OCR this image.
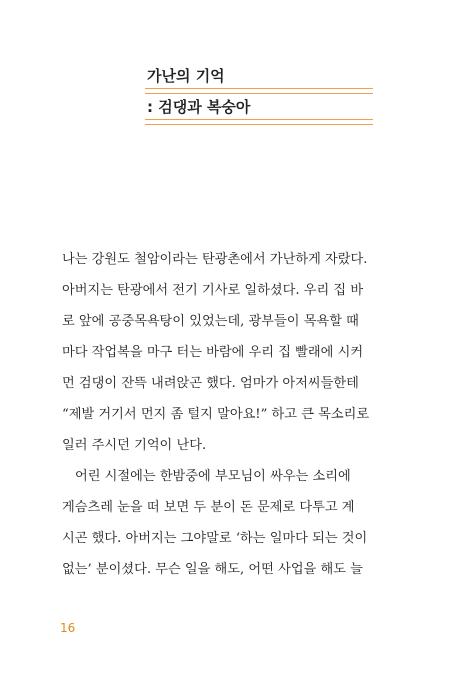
가난의 기억
: 검댕과 복숭아

나는 강원도 철암이라는 탄광촌에서 가난하게 자랐다.
아버지는 탄광에서 전기 기사로 일하셨다. 우리 집 바
로 앞에 공중목욕탕이 있었는데, 광부들이 목욕할 때
마다 작업복을 마구 터는 바람에 우리 집 빨래에 시커
먼 검댕이 잔뜩 내려앉곤 했다. 엄마가 아저씨들한테
“제발 거기서 먼지 좀 털지 말아요!” 하고 큰 목소리로
일러 주시던 기억이 난다.

어린 시절에는 한밤중에 부모님이 싸우는 소리에
게슴츠레 눈을 떠 보면 두 분이 돈 문제로 다투고 계
시곤 했다. 아버지는 그야말로 ‘하는 일마다 되는 것이
없는’ 분이셨다. 무슨 일을 해도, 어떤 사업을 해도 늘

16
